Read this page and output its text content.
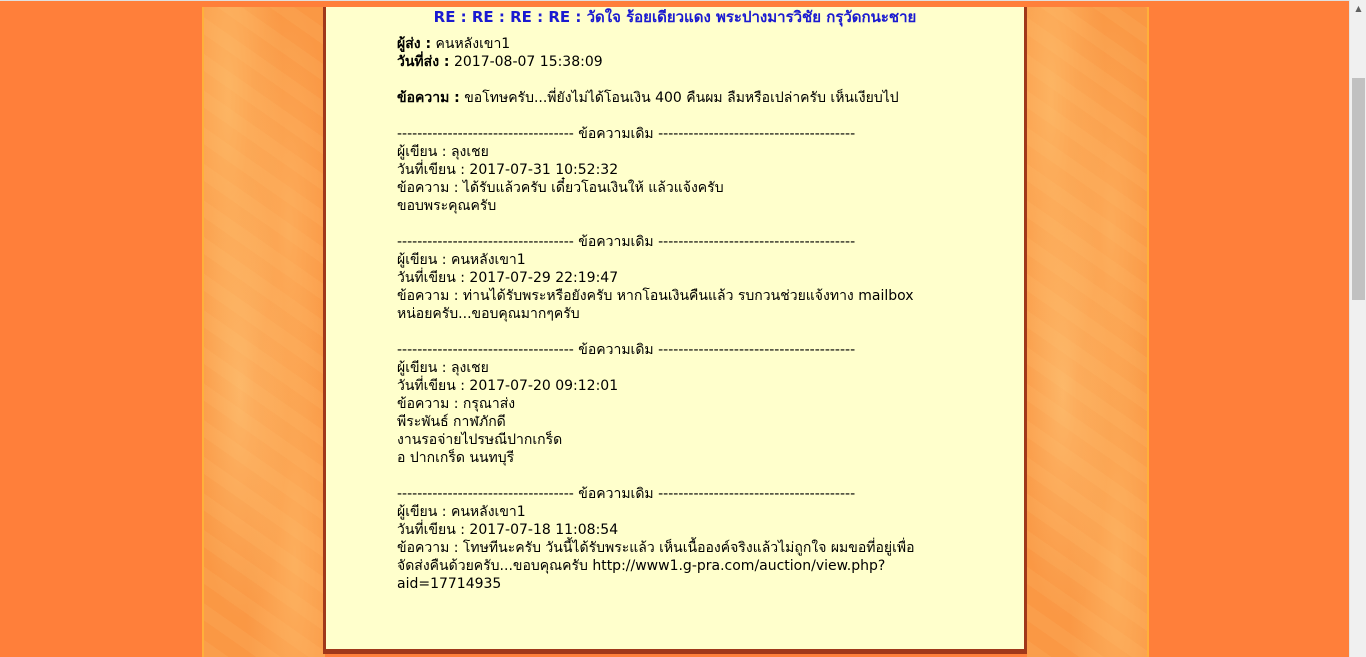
RE : RE : RE : RE : วัดใจ ร้อยเดียวแดง พระปางมารวิชัย กรุวัดกนะชาย
ผู้ส่ง : คนหลังเขา1
วันที่ส่ง : 2017-08-07 15:38:09
ข้อความ : ขอโทษครับ...พี่ยังไม่ได้โอนเงิน 400 คืนผม ลืมหรือเปล่าครับ เห็นเงียบไป
----------------------------------- ข้อความเดิม ---------------------------------------
ผู้เขียน : ลุงเชย
วันที่เขียน : 2017-07-31 10:52:32
ข้อความ : ได้รับแล้วครับ เดี๋ยวโอนเงินให้ แล้วแจ้งครับ
ขอบพระคุณครับ
----------------------------------- ข้อความเดิม ---------------------------------------
ผู้เขียน : คนหลังเขา1
วันที่เขียน : 2017-07-29 22:19:47
ข้อความ : ท่านได้รับพระหรือยังครับ หากโอนเงินคืนแล้ว รบกวนช่วยแจ้งทาง mailbox
หน่อยครับ...ขอบคุณมากๆครับ
----------------------------------- ข้อความเดิม ---------------------------------------
ผู้เขียน : ลุงเชย
วันที่เขียน : 2017-07-20 09:12:01
ข้อความ : กรุณาส่ง
พีระพันธ์ กาฬภักดี
งานรอจ่ายไปรษณีปากเกร็ด
อ ปากเกร็ด นนทบุรี
----------------------------------- ข้อความเดิม ---------------------------------------
ผู้เขียน : คนหลังเขา1
วันที่เขียน : 2017-07-18 11:08:54
ข้อความ : โทษทีนะครับ วันนี้ได้รับพระแล้ว เห็นเนื้อองค์จริงแล้วไม่ถูกใจ ผมขอที่อยู่เพื่อ
จัดส่งคืนด้วยครับ...ขอบคุณครับ http://www1.g-pra.com/auction/view.php?
aid=17714935
▲
